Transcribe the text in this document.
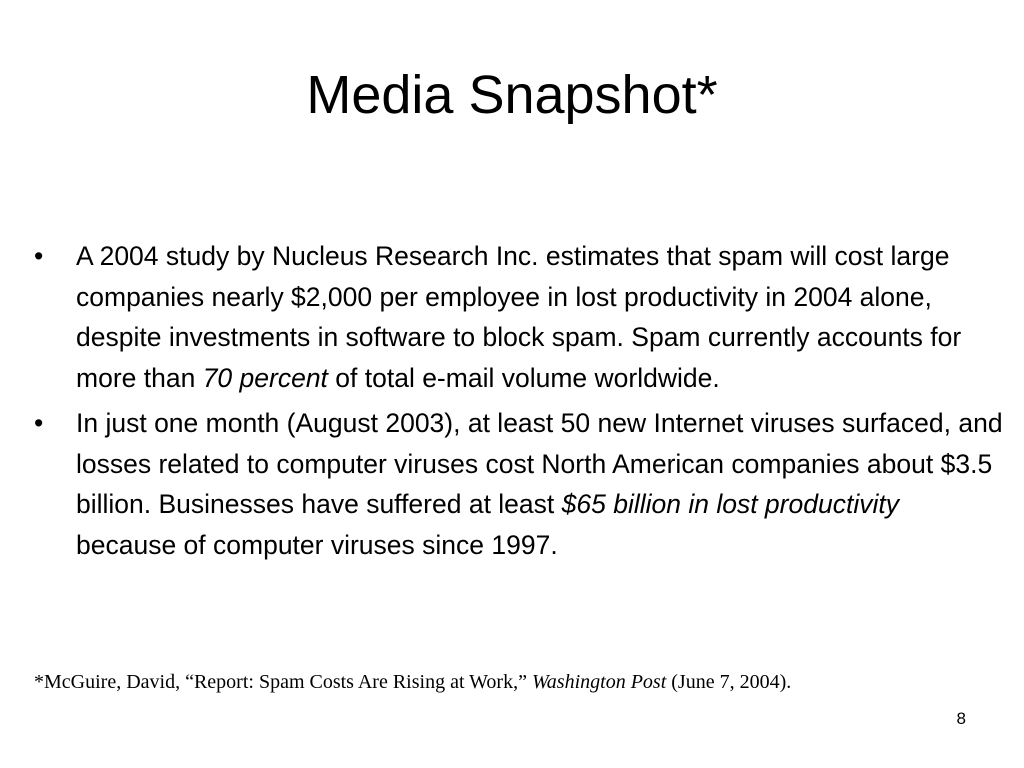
Media Snapshot*
• A 2004 study by Nucleus Research Inc. estimates that spam will cost large companies nearly $2,000 per employee in lost productivity in 2004 alone, despite investments in software to block spam. Spam currently accounts for more than 70 percent of total e-mail volume worldwide.
• In just one month (August 2003), at least 50 new Internet viruses surfaced, and losses related to computer viruses cost North American companies about $3.5 billion. Businesses have suffered at least $65 billion in lost productivity because of computer viruses since 1997.
*McGuire, David, “Report: Spam Costs Are Rising at Work,” Washington Post (June 7, 2004).
8
